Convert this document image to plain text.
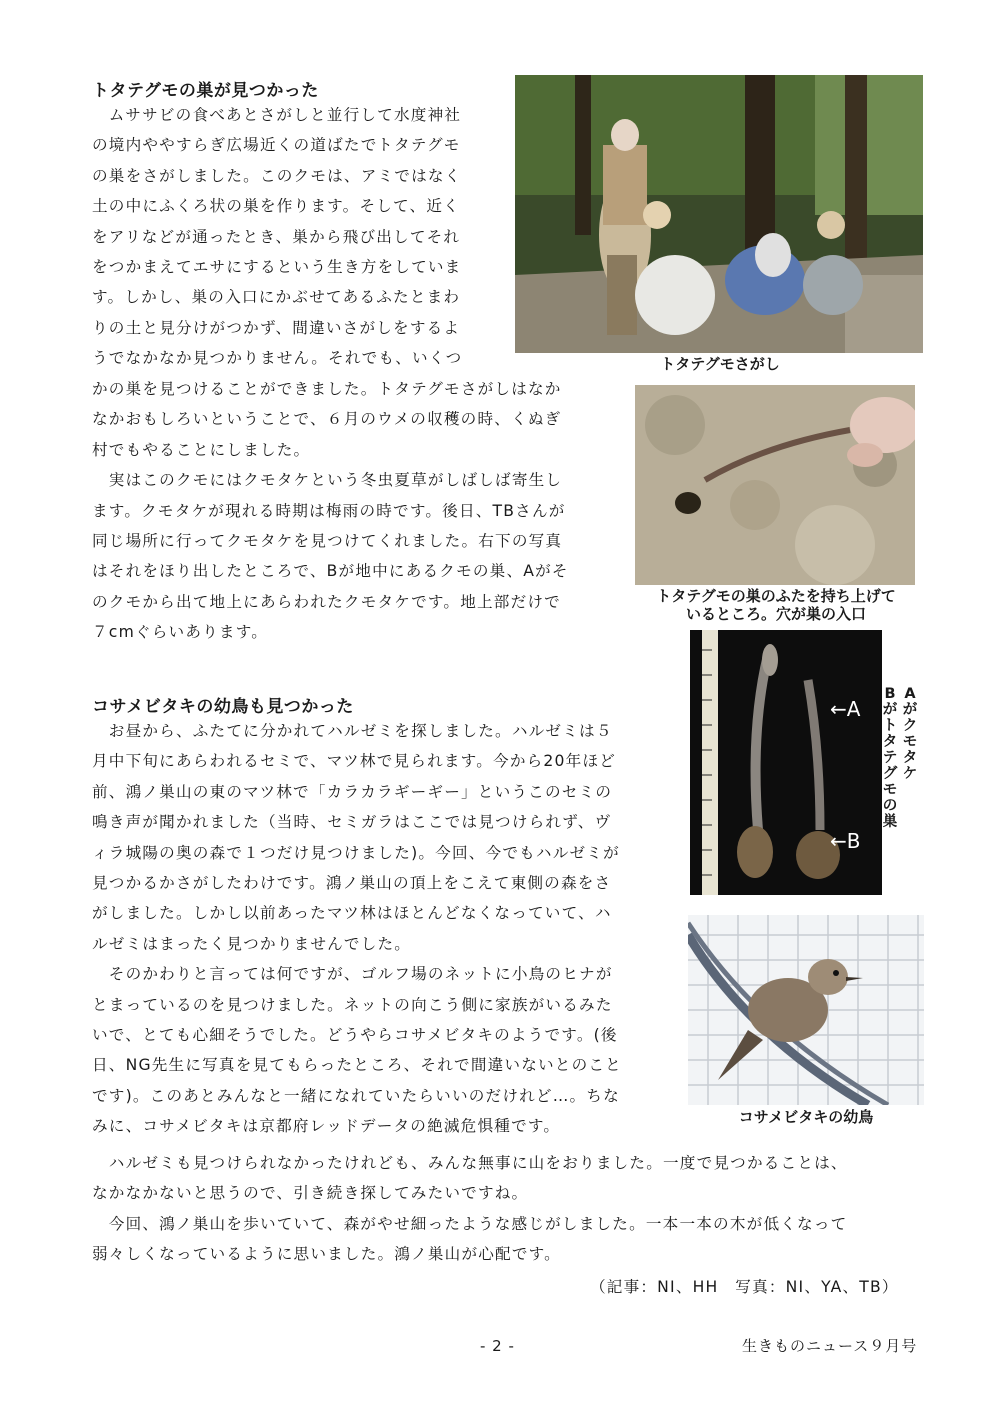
トタテグモの巣が見つかった
　ムササビの食べあとさがしと並行して水度神社
の境内ややすらぎ広場近くの道ばたでトタテグモ
の巣をさがしました。このクモは、アミではなく
土の中にふくろ状の巣を作ります。そして、近く
をアリなどが通ったとき、巣から飛び出してそれ
をつかまえてエサにするという生き方をしていま
す。しかし、巣の入口にかぶせてあるふたとまわ
りの土と見分けがつかず、間違いさがしをするよ
うでなかなか見つかりません。それでも、いくつ
かの巣を見つけることができました。トタテグモさがしはなか
なかおもしろいということで、６月のウメの収穫の時、くぬぎ
村でもやることにしました。
　実はこのクモにはクモタケという冬虫夏草がしばしば寄生し
ます。クモタケが現れる時期は梅雨の時です。後日、TBさんが
同じ場所に行ってクモタケを見つけてくれました。右下の写真
はそれをほり出したところで、Bが地中にあるクモの巣、Aがそ
のクモから出て地上にあらわれたクモタケです。地上部だけで
７cmぐらいあります。
トタテグモさがし
トタテグモの巣のふたを持ち上げて
いるところ。穴が巣の入口
←A
←B
B
が
ト
タ
テ
グ
モ
の
巣
A
が
ク
モ
タ
ケ
コサメビタキの幼鳥も見つかった
　お昼から、ふたてに分かれてハルゼミを探しました。ハルゼミは５
月中下旬にあらわれるセミで、マツ林で見られます。今から20年ほど
前、鴻ノ巣山の東のマツ林で「カラカラギーギー」というこのセミの
鳴き声が聞かれました（当時、セミガラはここでは見つけられず、ヴ
ィラ城陽の奥の森で１つだけ見つけました)。今回、今でもハルゼミが
見つかるかさがしたわけです。鴻ノ巣山の頂上をこえて東側の森をさ
がしました。しかし以前あったマツ林はほとんどなくなっていて、ハ
ルゼミはまったく見つかりませんでした。
　そのかわりと言っては何ですが、ゴルフ場のネットに小鳥のヒナが
とまっているのを見つけました。ネットの向こう側に家族がいるみた
いで、とても心細そうでした。どうやらコサメビタキのようです。(後
日、NG先生に写真を見てもらったところ、それで間違いないとのこと
です)。このあとみんなと一緒になれていたらいいのだけれど…。ちな
みに、コサメビタキは京都府レッドデータの絶滅危惧種です。
コサメビタキの幼鳥
　ハルゼミも見つけられなかったけれども、みんな無事に山をおりました。一度で見つかることは、
なかなかないと思うので、引き続き探してみたいですね。
　今回、鴻ノ巣山を歩いていて、森がやせ細ったような感じがしました。一本一本の木が低くなって
弱々しくなっているように思いました。鴻ノ巣山が心配です。
（記事：NI、HH　写真：NI、YA、TB）
- 2 -	生きものニュース９月号
